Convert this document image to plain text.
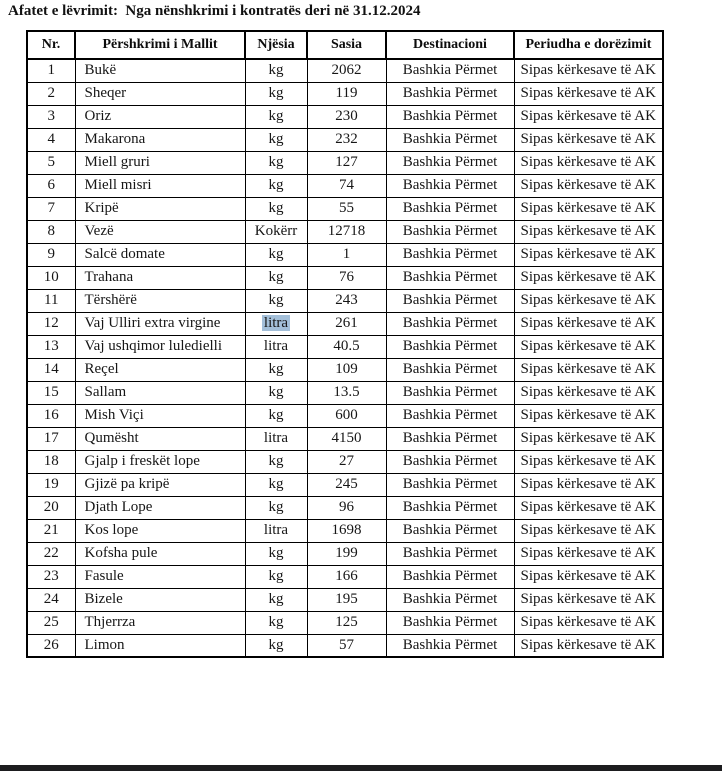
Afatet e lëvrimit:  Nga nënshkrimi i kontratës deri në 31.12.2024
Nr.	Përshkrimi i Mallit	Njësia	Sasia	Destinacioni	Periudha e dorëzimit
1	Bukë	kg	2062	Bashkia Përmet	Sipas kërkesave të AK
2	Sheqer	kg	119	Bashkia Përmet	Sipas kërkesave të AK
3	Oriz	kg	230	Bashkia Përmet	Sipas kërkesave të AK
4	Makarona	kg	232	Bashkia Përmet	Sipas kërkesave të AK
5	Miell gruri	kg	127	Bashkia Përmet	Sipas kërkesave të AK
6	Miell misri	kg	74	Bashkia Përmet	Sipas kërkesave të AK
7	Kripë	kg	55	Bashkia Përmet	Sipas kërkesave të AK
8	Vezë	Kokërr	12718	Bashkia Përmet	Sipas kërkesave të AK
9	Salcë domate	kg	1	Bashkia Përmet	Sipas kërkesave të AK
10	Trahana	kg	76	Bashkia Përmet	Sipas kërkesave të AK
11	Tërshërë	kg	243	Bashkia Përmet	Sipas kërkesave të AK
12	Vaj Ulliri extra virgine	litra	261	Bashkia Përmet	Sipas kërkesave të AK
13	Vaj ushqimor luledielli	litra	40.5	Bashkia Përmet	Sipas kërkesave të AK
14	Reçel	kg	109	Bashkia Përmet	Sipas kërkesave të AK
15	Sallam	kg	13.5	Bashkia Përmet	Sipas kërkesave të AK
16	Mish Viçi	kg	600	Bashkia Përmet	Sipas kërkesave të AK
17	Qumësht	litra	4150	Bashkia Përmet	Sipas kërkesave të AK
18	Gjalp i freskët lope	kg	27	Bashkia Përmet	Sipas kërkesave të AK
19	Gjizë pa kripë	kg	245	Bashkia Përmet	Sipas kërkesave të AK
20	Djath Lope	kg	96	Bashkia Përmet	Sipas kërkesave të AK
21	Kos lope	litra	1698	Bashkia Përmet	Sipas kërkesave të AK
22	Kofsha pule	kg	199	Bashkia Përmet	Sipas kërkesave të AK
23	Fasule	kg	166	Bashkia Përmet	Sipas kërkesave të AK
24	Bizele	kg	195	Bashkia Përmet	Sipas kërkesave të AK
25	Thjerrza	kg	125	Bashkia Përmet	Sipas kërkesave të AK
26	Limon	kg	57	Bashkia Përmet	Sipas kërkesave të AK
